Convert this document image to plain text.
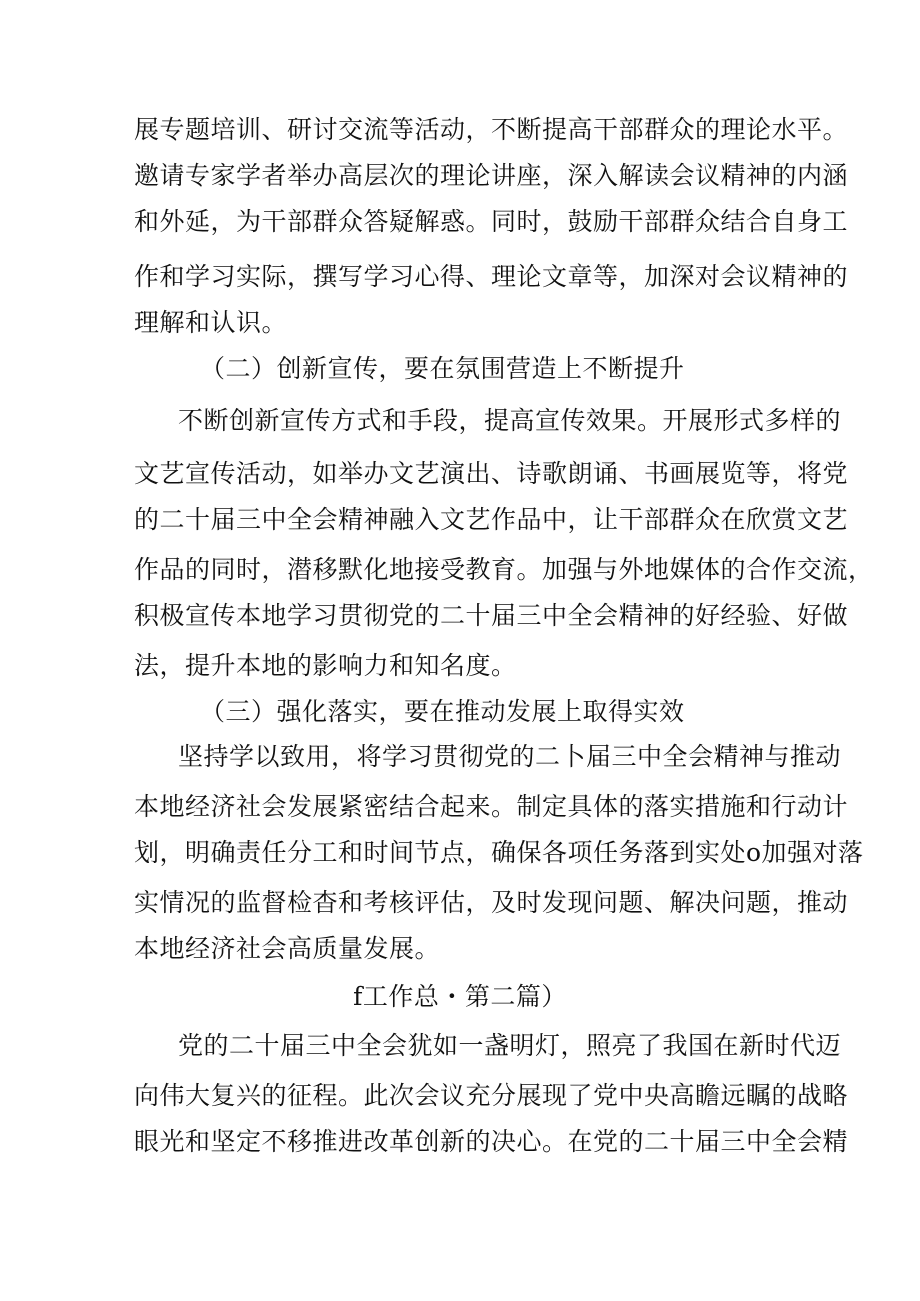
展专题培训、研讨交流等活动，不断提高干部群众的理论水平。
邀请专家学者举办高层次的理论讲座，深入解读会议精神的内涵
和外延，为干部群众答疑解惑。同时，鼓励干部群众结合自身工
作和学习实际，撰写学习心得、理论文章等，加深对会议精神的
理解和认识。
（二）创新宣传，要在氛围营造上不断提升
不断创新宣传方式和手段，提高宣传效果。开展形式多样的
文艺宣传活动，如举办文艺演出、诗歌朗诵、书画展览等，将党
的二十届三中全会精神融入文艺作品中，让干部群众在欣赏文艺
作品的同时，潜移默化地接受教育。加强与外地媒体的合作交流，
积极宣传本地学习贯彻党的二十届三中全会精神的好经验、好做
法，提升本地的影响力和知名度。
（三）强化落实，要在推动发展上取得实效
坚持学以致用，将学习贯彻党的二卜届三中全会精神与推动
本地经济社会发展紧密结合起来。制定具体的落实措施和行动计
划，明确责任分工和时间节点，确保各项任务落到实处o加强对落
实情况的监督检杳和考核评估，及时发现问题、解决问题，推动
本地经济社会高质量发展。
f工作总・第二篇）
党的二十届三中全会犹如一盏明灯，照亮了我国在新时代迈
向伟大复兴的征程。此次会议充分展现了党中央高瞻远瞩的战略
眼光和坚定不移推进改革创新的决心。在党的二十届三中全会精
